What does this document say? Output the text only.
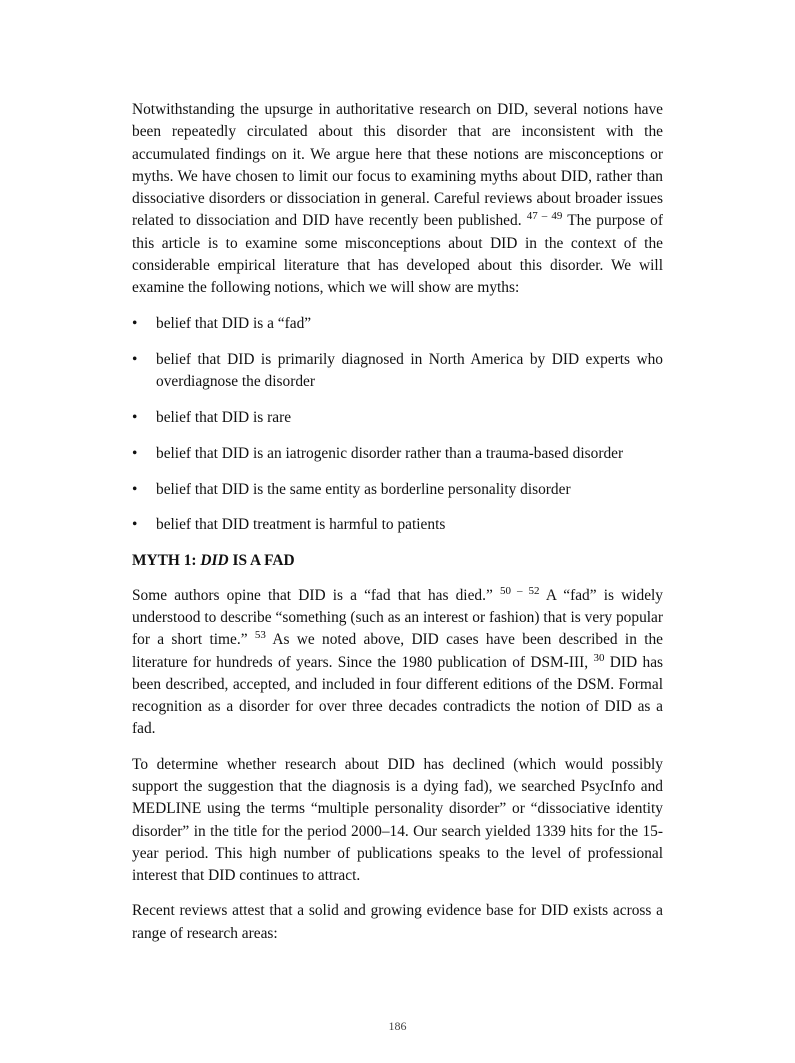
Notwithstanding the upsurge in authoritative research on DID, several notions have been repeatedly circulated about this disorder that are inconsistent with the accumulated findings on it. We argue here that these notions are misconceptions or myths. We have chosen to limit our focus to examining myths about DID, rather than dissociative disorders or dissociation in general. Careful reviews about broader issues related to dissociation and DID have recently been published. $^{47 - 49}$ The purpose of this article is to examine some misconceptions about DID in the context of the considerable empirical literature that has developed about this disorder. We will examine the following notions, which we will show are myths:

• belief that DID is a “fad”
• belief that DID is primarily diagnosed in North America by DID experts who overdiagnose the disorder
• belief that DID is rare
• belief that DID is an iatrogenic disorder rather than a trauma-based disorder
• belief that DID is the same entity as borderline personality disorder
• belief that DID treatment is harmful to patients
MYTH 1: DID IS A FAD

Some authors opine that DID is a “fad that has died.” $^{50 - 52}$ A “fad” is widely understood to describe “something (such as an interest or fashion) that is very popular for a short time.” $^{53}$ As we noted above, DID cases have been described in the literature for hundreds of years. Since the 1980 publication of DSM-III, $^{30}$ DID has been described, accepted, and included in four different editions of the DSM. Formal recognition as a disorder for over three decades contradicts the notion of DID as a fad.

To determine whether research about DID has declined (which would possibly support the suggestion that the diagnosis is a dying fad), we searched PsycInfo and MEDLINE using the terms “multiple personality disorder” or “dissociative identity disorder” in the title for the period 2000–14. Our search yielded 1339 hits for the 15-year period. This high number of publications speaks to the level of professional interest that DID continues to attract.

Recent reviews attest that a solid and growing evidence base for DID exists across a range of research areas:

186
